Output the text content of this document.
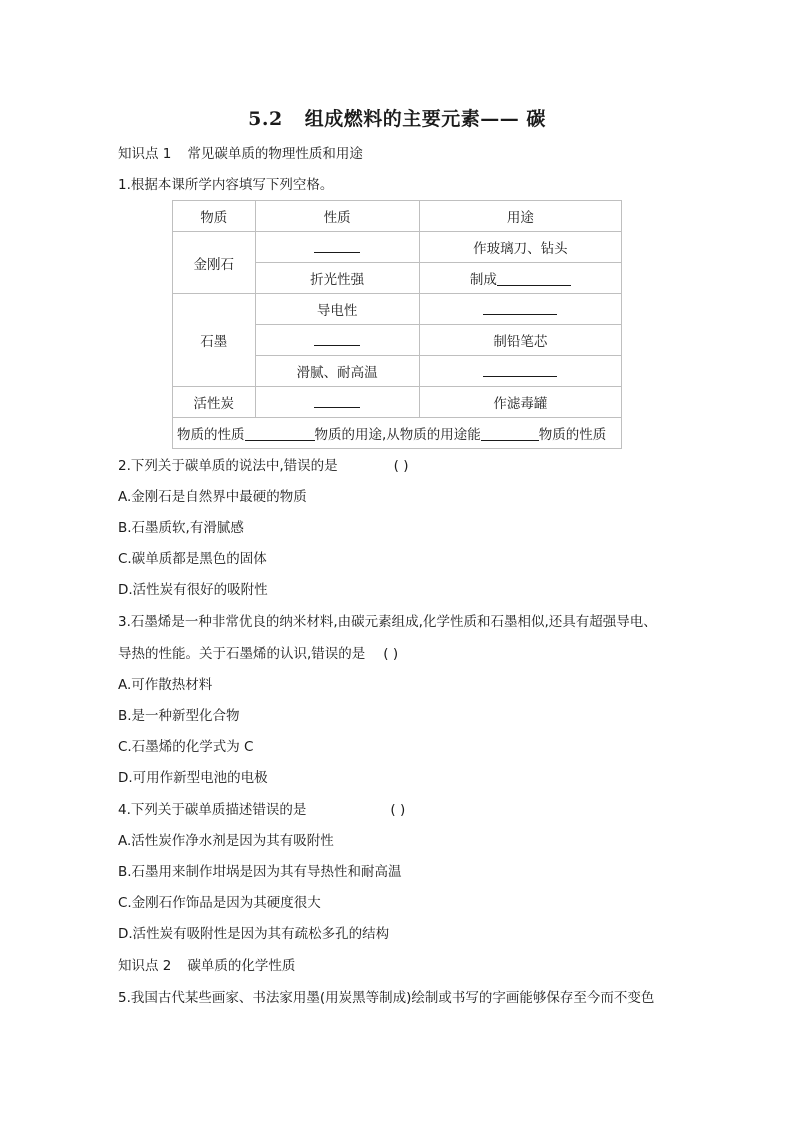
5.2 组成燃料的主要元素—— 碳
知识点 1 常见碳单质的物理性质和用途
1.根据本课所学内容填写下列空格。
物质	性质	用途
金刚石		作玻璃刀、钻头
	折光性强	制成
石墨	导电性	
		制铅笔芯
	滑腻、耐高温	
活性炭		作滤毒罐
物质的性质 物质的用途,从物质的用途能 物质的性质		
2.下列关于碳单质的说法中,错误的是	( )
A.金刚石是自然界中最硬的物质
B.石墨质软,有滑腻感
C.碳单质都是黑色的固体
D.活性炭有很好的吸附性
3.石墨烯是一种非常优良的纳米材料,由碳元素组成,化学性质和石墨相似,还具有超强导电、
导热的性能。关于石墨烯的认识,错误的是 ( )
A.可作散热材料
B.是一种新型化合物
C.石墨烯的化学式为 C
D.可用作新型电池的电极
4.下列关于碳单质描述错误的是	( )
A.活性炭作净水剂是因为其有吸附性
B.石墨用来制作坩埚是因为其有导热性和耐高温
C.金刚石作饰品是因为其硬度很大
D.活性炭有吸附性是因为其有疏松多孔的结构
知识点 2 碳单质的化学性质
5.我国古代某些画家、书法家用墨(用炭黑等制成)绘制或书写的字画能够保存至今而不变色
